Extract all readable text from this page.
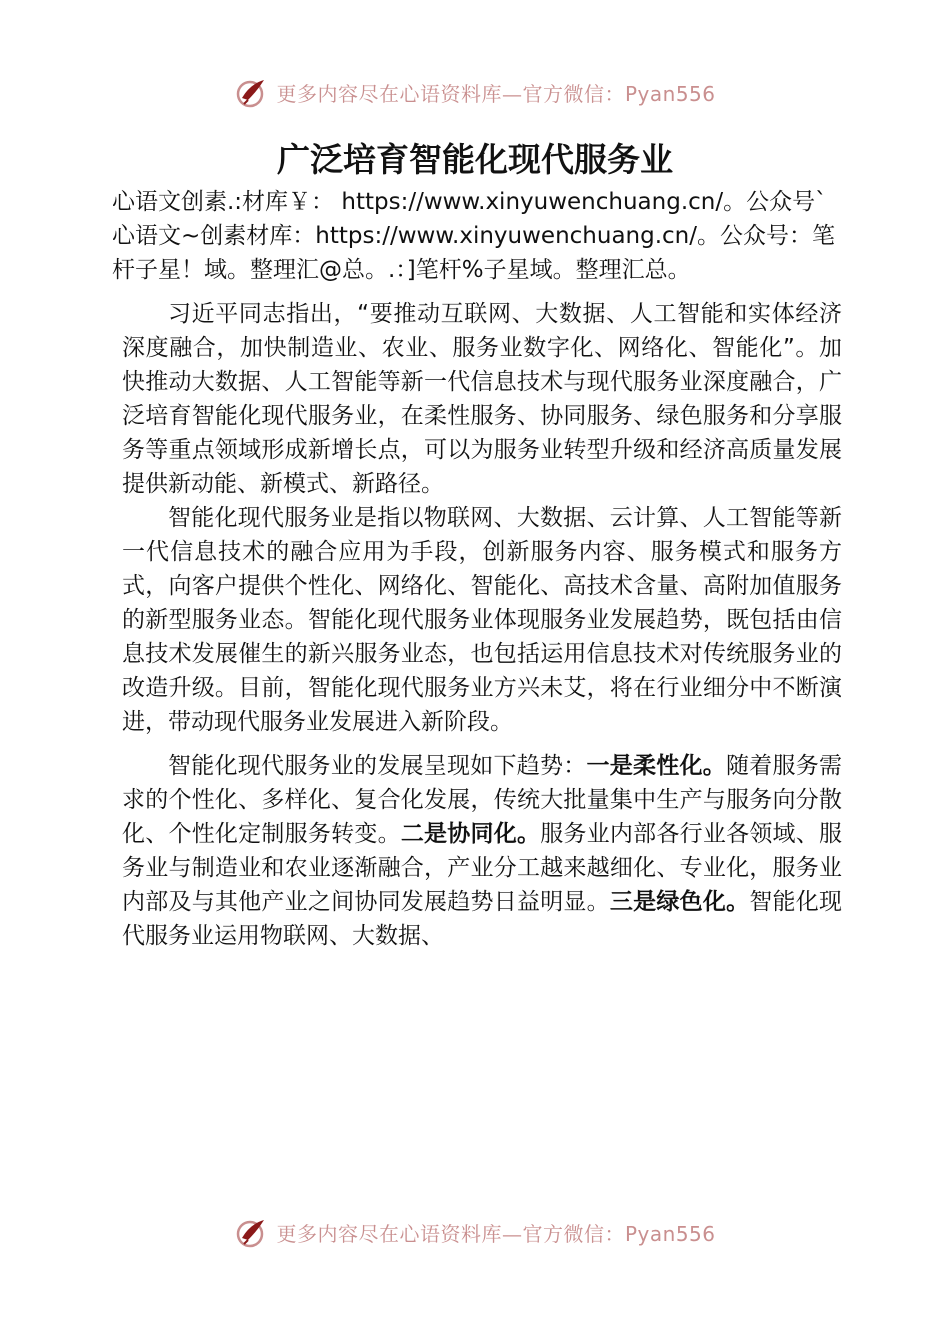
更多内容尽在心语资料库—官方微信：Pyan556
广泛培育智能化现代服务业

心语文创素.:材库￥： https://www.xinyuwenchuang.cn/。公众号`心语文~创素材库：https://www.xinyuwenchuang.cn/。公众号：笔杆子星！域。整理汇@总。.：]笔杆%子星域。整理汇总。

习近平同志指出，“要推动互联网、大数据、人工智能和实体经济深度融合，加快制造业、农业、服务业数字化、网络化、智能化”。加快推动大数据、人工智能等新一代信息技术与现代服务业深度融合，广泛培育智能化现代服务业，在柔性服务、协同服务、绿色服务和分享服务等重点领域形成新增长点，可以为服务业转型升级和经济高质量发展提供新动能、新模式、新路径。

智能化现代服务业是指以物联网、大数据、云计算、人工智能等新一代信息技术的融合应用为手段，创新服务内容、服务模式和服务方式，向客户提供个性化、网络化、智能化、高技术含量、高附加值服务的新型服务业态。智能化现代服务业体现服务业发展趋势，既包括由信息技术发展催生的新兴服务业态，也包括运用信息技术对传统服务业的改造升级。目前，智能化现代服务业方兴未艾，将在行业细分中不断演进，带动现代服务业发展进入新阶段。

智能化现代服务业的发展呈现如下趋势：一是柔性化。随着服务需求的个性化、多样化、复合化发展，传统大批量集中生产与服务向分散化、个性化定制服务转变。二是协同化。服务业内部各行业各领域、服务业与制造业和农业逐渐融合，产业分工越来越细化、专业化，服务业内部及与其他产业之间协同发展趋势日益明显。三是绿色化。智能化现代服务业运用物联网、大数据、

更多内容尽在心语资料库—官方微信：Pyan556
